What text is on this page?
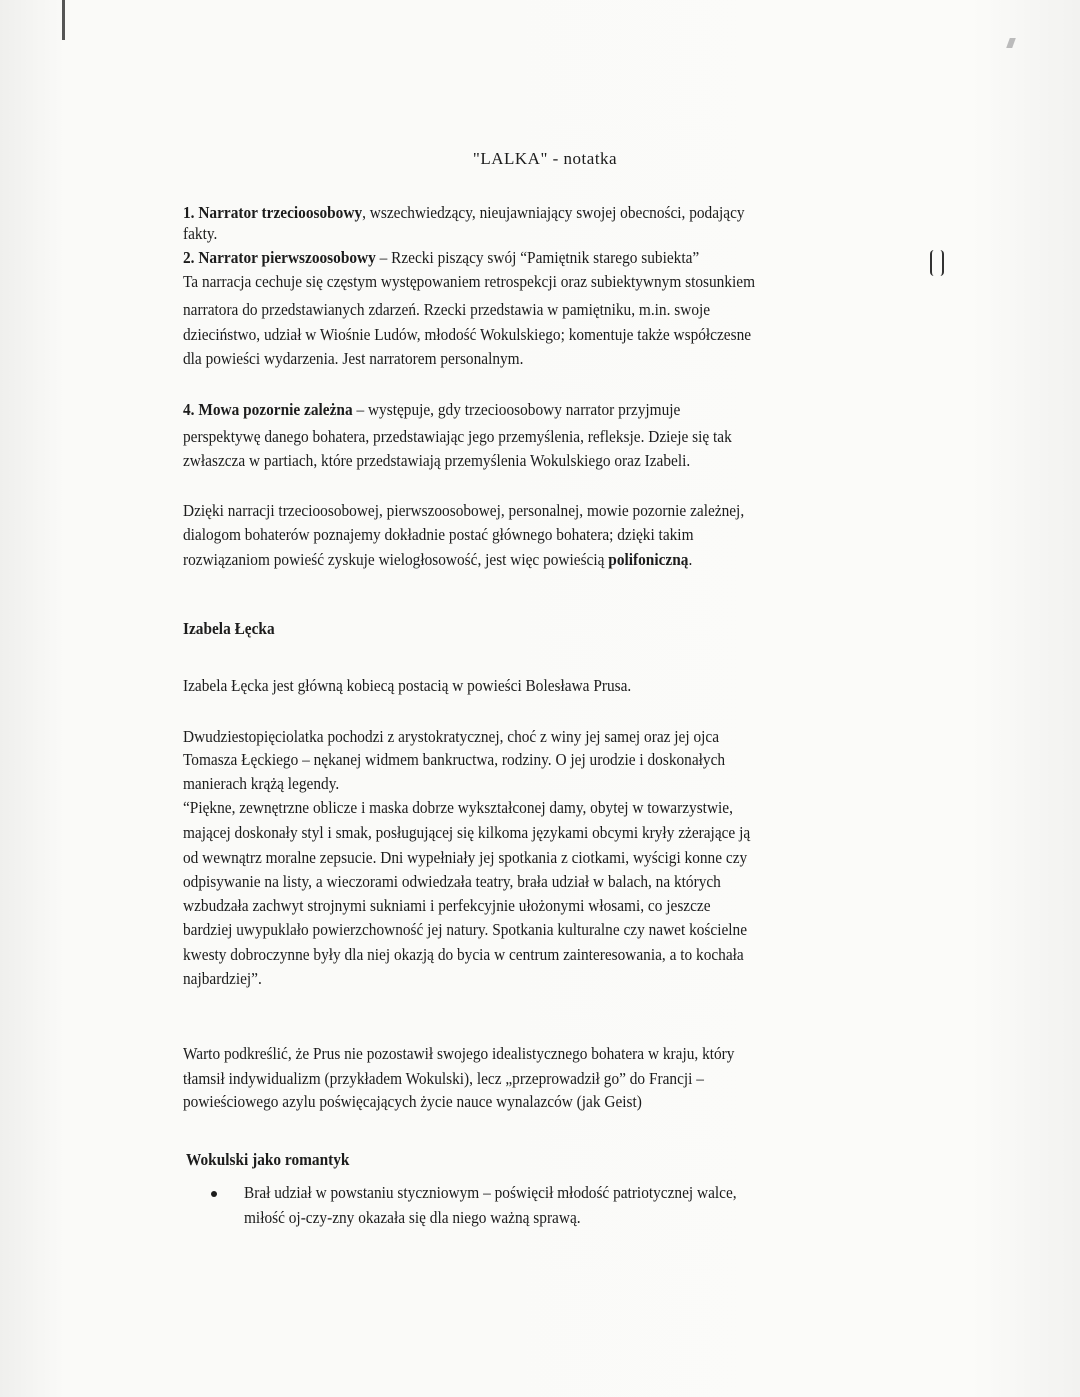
"LALKA" - notatka
1. Narrator trzecioosobowy, wszechwiedzący, nieujawniający swojej obecności, podający
fakty.
2. Narrator pierwszoosobowy – Rzecki piszący swój “Pamiętnik starego subiekta”
Ta narracja cechuje się częstym występowaniem retrospekcji oraz subiektywnym stosunkiem
narratora do przedstawianych zdarzeń. Rzecki przedstawia w pamiętniku, m.in. swoje
dzieciństwo, udział w Wiośnie Ludów, młodość Wokulskiego; komentuje także współczesne
dla powieści wydarzenia. Jest narratorem personalnym.
4. Mowa pozornie zależna – występuje, gdy trzecioosobowy narrator przyjmuje
perspektywę danego bohatera, przedstawiając jego przemyślenia, refleksje. Dzieje się tak
zwłaszcza w partiach, które przedstawiają przemyślenia Wokulskiego oraz Izabeli.
Dzięki narracji trzecioosobowej, pierwszoosobowej, personalnej, mowie pozornie zależnej,
dialogom bohaterów poznajemy dokładnie postać głównego bohatera; dzięki takim
rozwiązaniom powieść zyskuje wielogłosowość, jest więc powieścią polifoniczną.
Izabela Łęcka
Izabela Łęcka jest główną kobiecą postacią w powieści Bolesława Prusa.
Dwudziestopięciolatka pochodzi z arystokratycznej, choć z winy jej samej oraz jej ojca
Tomasza Łęckiego – nękanej widmem bankructwa, rodziny. O jej urodzie i doskonałych
manierach krążą legendy.
“Piękne, zewnętrzne oblicze i maska dobrze wykształconej damy, obytej w towarzystwie,
mającej doskonały styl i smak, posługującej się kilkoma językami obcymi kryły zżerające ją
od wewnątrz moralne zepsucie. Dni wypełniały jej spotkania z ciotkami, wyścigi konne czy
odpisywanie na listy, a wieczorami odwiedzała teatry, brała udział w balach, na których
wzbudzała zachwyt strojnymi sukniami i perfekcyjnie ułożonymi włosami, co jeszcze
bardziej uwypuklało powierzchowność jej natury. Spotkania kulturalne czy nawet kościelne
kwesty dobroczynne były dla niej okazją do bycia w centrum zainteresowania, a to kochała
najbardziej”.
Warto podkreślić, że Prus nie pozostawił swojego idealistycznego bohatera w kraju, który
tłamsił indywidualizm (przykładem Wokulski), lecz „przeprowadził go” do Francji –
powieściowego azylu poświęcających życie nauce wynalazców (jak Geist)
Wokulski jako romantyk
Brał udział w powstaniu styczniowym – poświęcił młodość patriotycznej walce,
miłość oj-czy-zny okazała się dla niego ważną sprawą.
